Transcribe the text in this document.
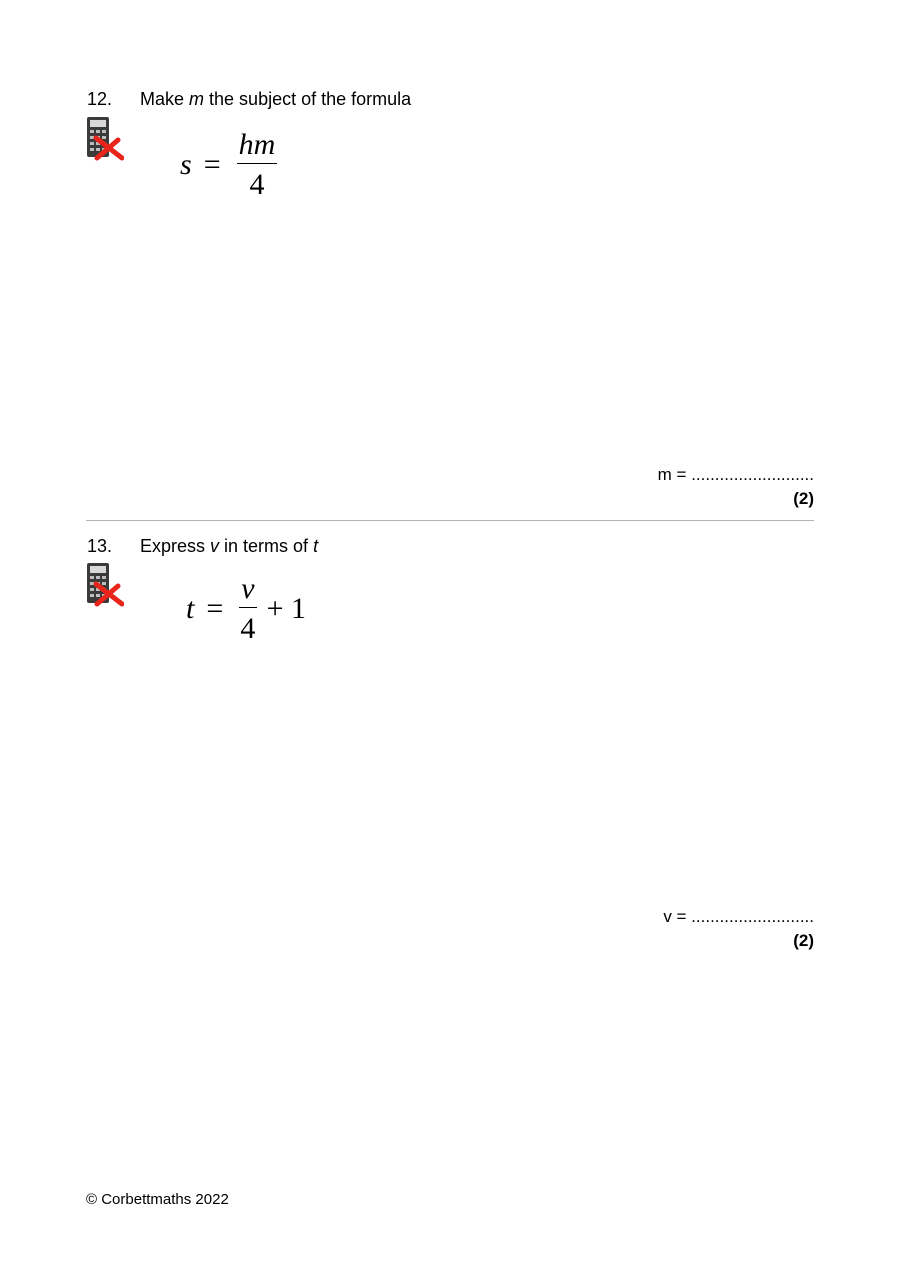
12. Make m the subject of the formula
$s = \frac{hm}{4}$
m = ..........................
(2)
13. Express v in terms of t
$t = \frac{v}{4} + 1$
v = ..........................
(2)
© Corbettmaths 2022
